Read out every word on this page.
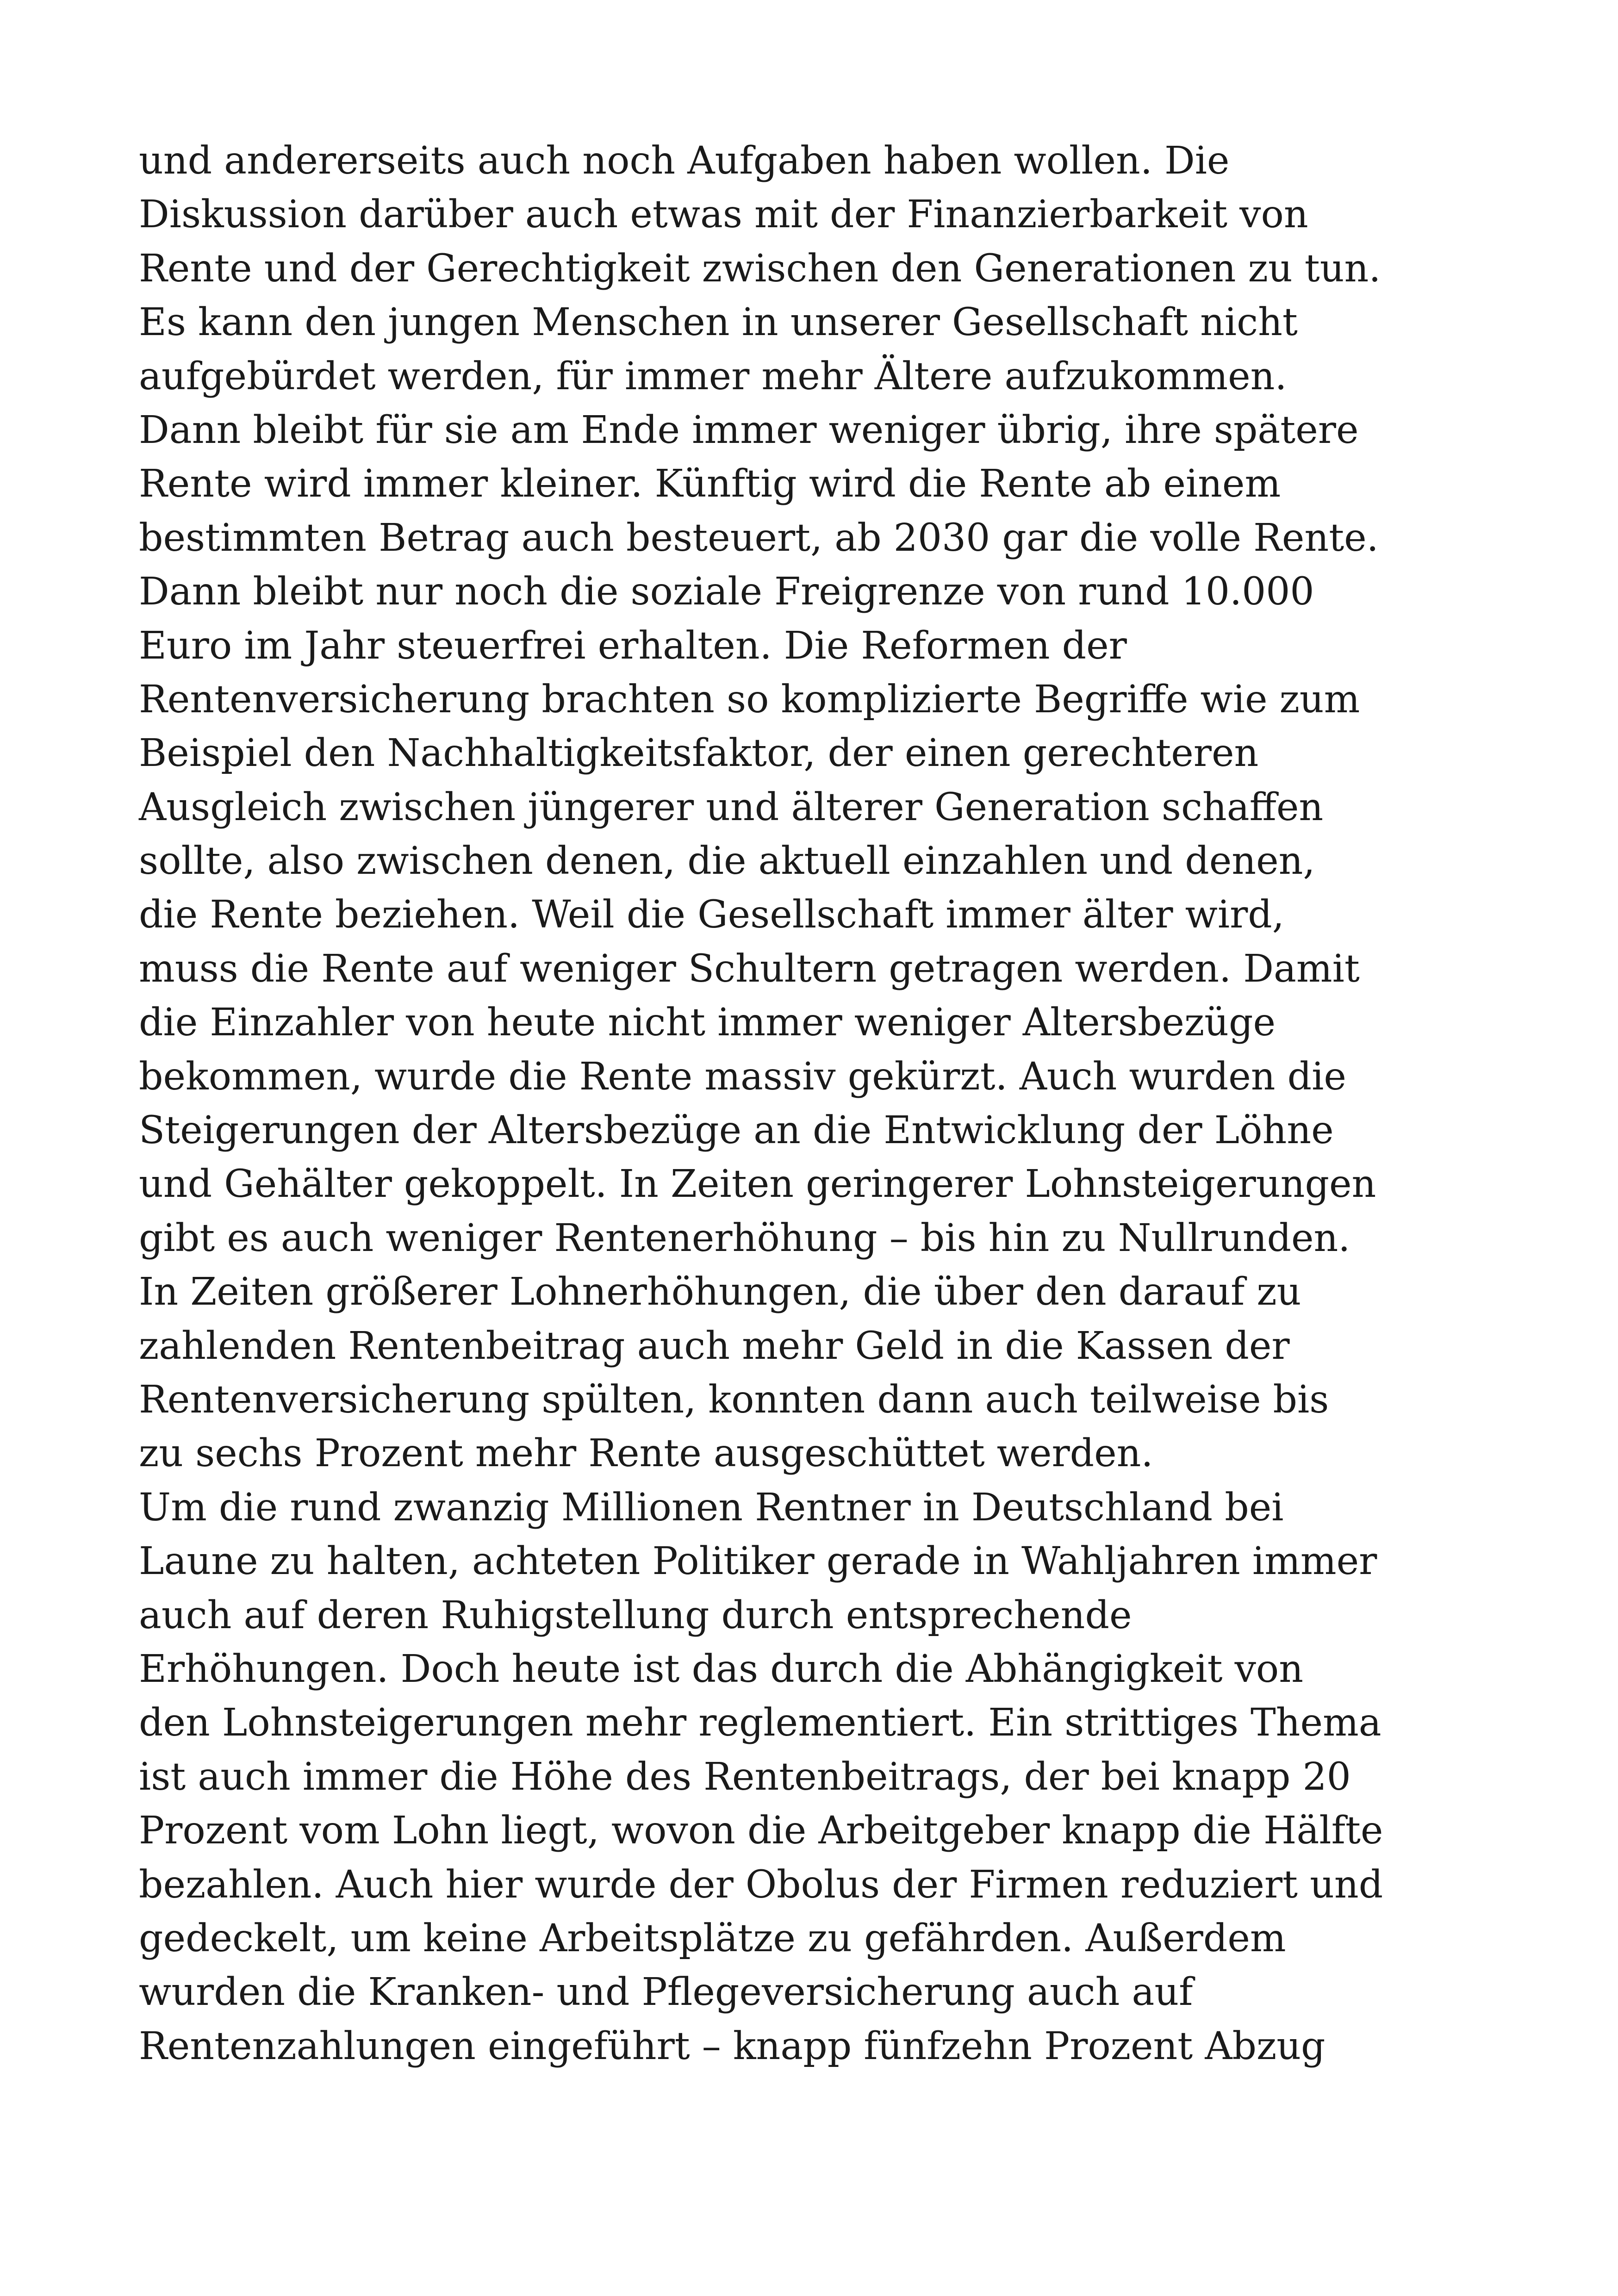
und andererseits auch noch Aufgaben haben wollen. Die
Diskussion darüber auch etwas mit der Finanzierbarkeit von
Rente und der Gerechtigkeit zwischen den Generationen zu tun.
Es kann den jungen Menschen in unserer Gesellschaft nicht
aufgebürdet werden, für immer mehr Ältere aufzukommen.
Dann bleibt für sie am Ende immer weniger übrig, ihre spätere
Rente wird immer kleiner. Künftig wird die Rente ab einem
bestimmten Betrag auch besteuert, ab 2030 gar die volle Rente.
Dann bleibt nur noch die soziale Freigrenze von rund 10.000
Euro im Jahr steuerfrei erhalten. Die Reformen der
Rentenversicherung brachten so komplizierte Begriffe wie zum
Beispiel den Nachhaltigkeitsfaktor, der einen gerechteren
Ausgleich zwischen jüngerer und älterer Generation schaffen
sollte, also zwischen denen, die aktuell einzahlen und denen,
die Rente beziehen. Weil die Gesellschaft immer älter wird,
muss die Rente auf weniger Schultern getragen werden. Damit
die Einzahler von heute nicht immer weniger Altersbezüge
bekommen, wurde die Rente massiv gekürzt. Auch wurden die
Steigerungen der Altersbezüge an die Entwicklung der Löhne
und Gehälter gekoppelt. In Zeiten geringerer Lohnsteigerungen
gibt es auch weniger Rentenerhöhung – bis hin zu Nullrunden.
In Zeiten größerer Lohnerhöhungen, die über den darauf zu
zahlenden Rentenbeitrag auch mehr Geld in die Kassen der
Rentenversicherung spülten, konnten dann auch teilweise bis
zu sechs Prozent mehr Rente ausgeschüttet werden.
Um die rund zwanzig Millionen Rentner in Deutschland bei
Laune zu halten, achteten Politiker gerade in Wahljahren immer
auch auf deren Ruhigstellung durch entsprechende
Erhöhungen. Doch heute ist das durch die Abhängigkeit von
den Lohnsteigerungen mehr reglementiert. Ein strittiges Thema
ist auch immer die Höhe des Rentenbeitrags, der bei knapp 20
Prozent vom Lohn liegt, wovon die Arbeitgeber knapp die Hälfte
bezahlen. Auch hier wurde der Obolus der Firmen reduziert und
gedeckelt, um keine Arbeitsplätze zu gefährden. Außerdem
wurden die Kranken- und Pflegeversicherung auch auf
Rentenzahlungen eingeführt – knapp fünfzehn Prozent Abzug
